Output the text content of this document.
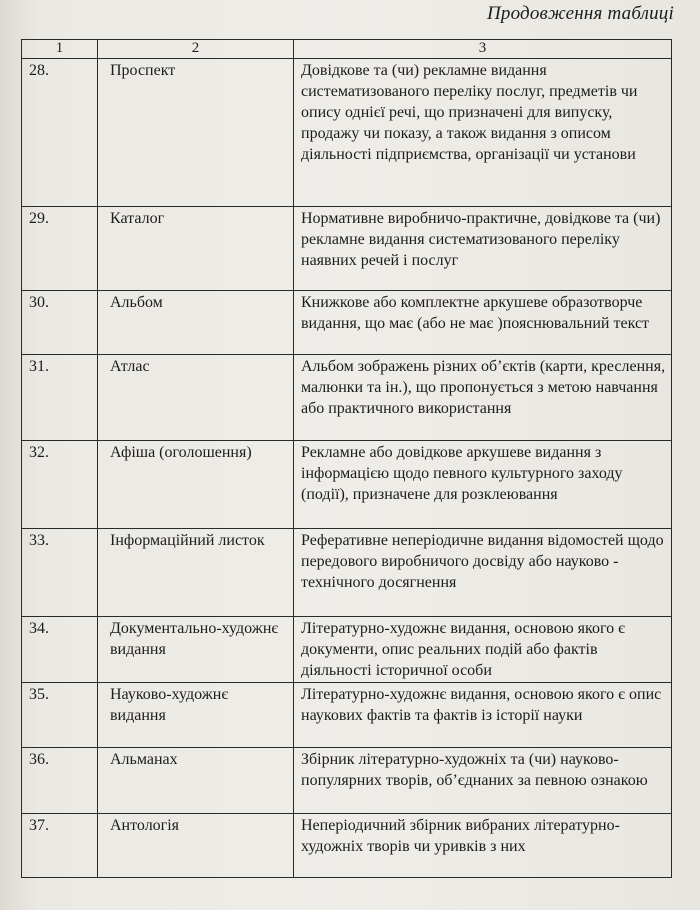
Продовження таблиці
1	2	3
28.	Проспект	Довідкове та (чи) рекламне видання систематизованого переліку послуг, предметів чи опису однієї речі, що призначені для випуску, продажу чи показу, а також видання з описом діяльності підприємства, організації чи установи
29.	Каталог	Нормативне виробничо-практичне, довідкове та (чи) рекламне видання систематизованого переліку наявних речей і послуг
30.	Альбом	Книжкове або комплектне аркушеве образотворче видання, що має (або не має )пояснювальний текст
31.	Атлас	Альбом зображень різних об’єктів (карти, креслення, малюнки та ін.), що пропонується з метою навчання або практичного використання
32.	Афіша (оголошення)	Рекламне або довідкове аркушеве видання з інформацією щодо певного культурного заходу (події), призначене для розклеювання
33.	Інформаційний листок	Реферативне неперіодичне видання відомостей щодо передового виробничого досвіду або науково - технічного досягнення
34.	Документально-художнє видання	Літературно-художнє видання, основою якого є документи, опис реальних подій або фактів діяльності історичної особи
35.	Науково-художнє видання	Літературно-художнє видання, основою якого є опис наукових фактів та фактів із історії науки
36.	Альманах	Збірник літературно-художніх та (чи) науково-популярних творів, об’єднаних за певною ознакою
37.	Антологія	Неперіодичний збірник вибраних літературно-художніх творів чи уривків з них
